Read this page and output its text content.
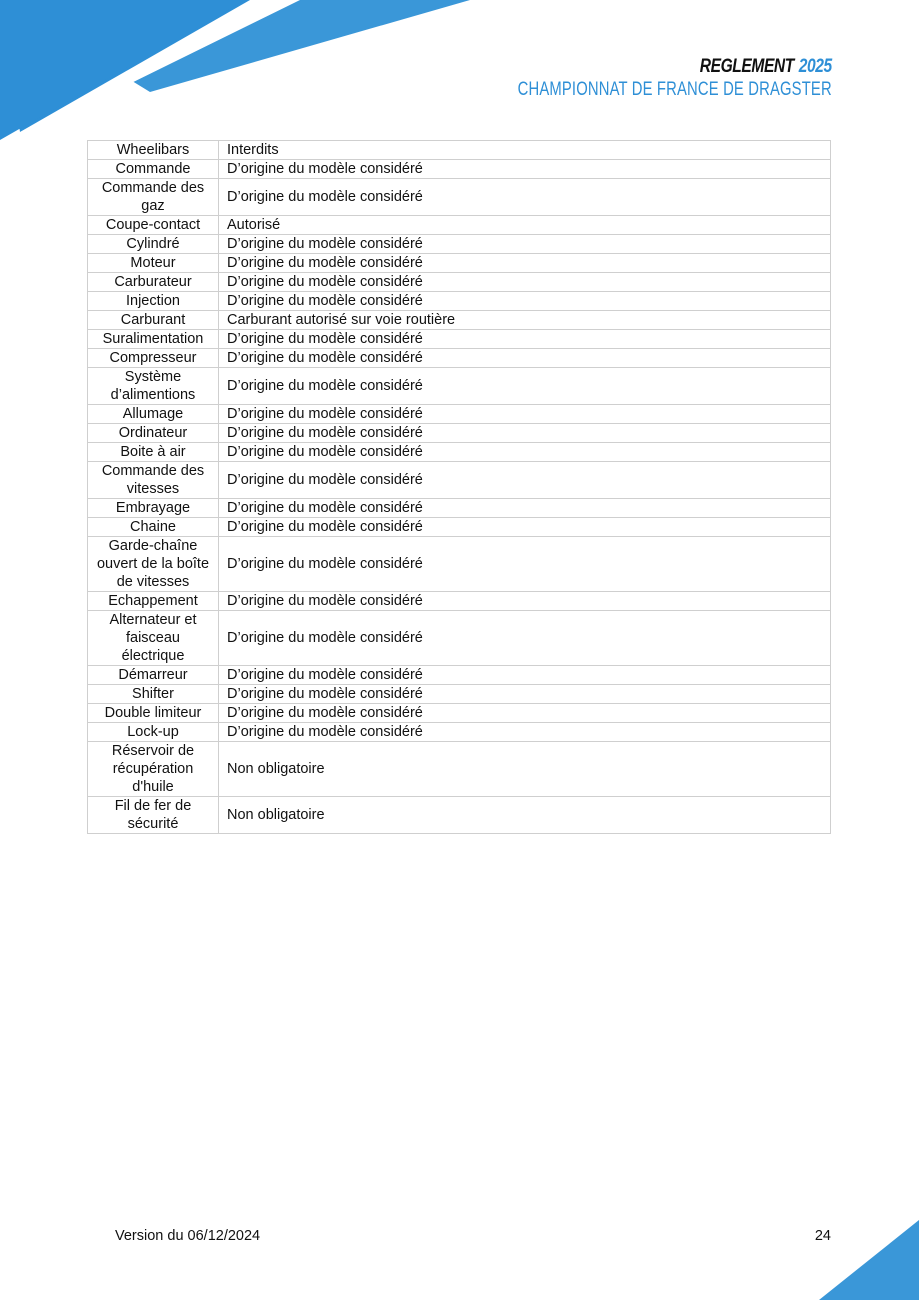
REGLEMENT 2025
CHAMPIONNAT DE FRANCE DE DRAGSTER
Wheelibars	Interdits
Commande	D’origine du modèle considéré
Commande des gaz	D’origine du modèle considéré
Coupe-contact	Autorisé
Cylindré	D’origine du modèle considéré
Moteur	D’origine du modèle considéré
Carburateur	D’origine du modèle considéré
Injection	D’origine du modèle considéré
Carburant	Carburant autorisé sur voie routière
Suralimentation	D’origine du modèle considéré
Compresseur	D’origine du modèle considéré
Système d’alimentions	D’origine du modèle considéré
Allumage	D’origine du modèle considéré
Ordinateur	D’origine du modèle considéré
Boite à air	D’origine du modèle considéré
Commande des vitesses	D’origine du modèle considéré
Embrayage	D’origine du modèle considéré
Chaine	D’origine du modèle considéré
Garde-chaîne ouvert de la boîte de vitesses	D’origine du modèle considéré
Echappement	D’origine du modèle considéré
Alternateur et faisceau électrique	D’origine du modèle considéré
Démarreur	D’origine du modèle considéré
Shifter	D’origine du modèle considéré
Double limiteur	D’origine du modèle considéré
Lock-up	D’origine du modèle considéré
Réservoir de récupération d'huile	Non obligatoire
Fil de fer de sécurité	Non obligatoire
Version du 06/12/2024	24
